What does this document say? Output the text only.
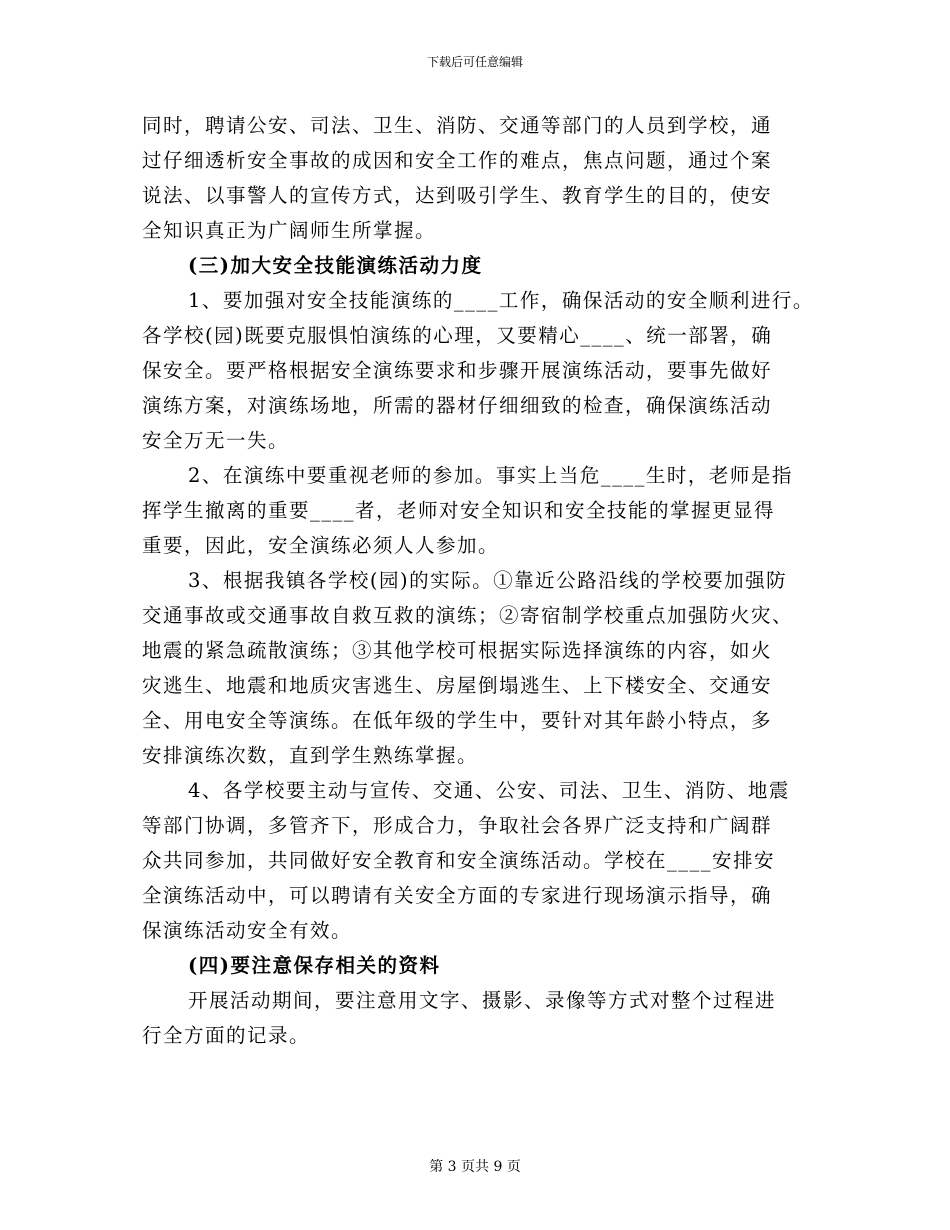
下载后可任意编辑
同时，聘请公安、司法、卫生、消防、交通等部门的人员到学校，通
过仔细透析安全事故的成因和安全工作的难点，焦点问题，通过个案
说法、以事警人的宣传方式，达到吸引学生、教育学生的目的，使安
全知识真正为广阔师生所掌握。
(三)加大安全技能演练活动力度
1、要加强对安全技能演练的____工作，确保活动的安全顺利进行。
各学校(园)既要克服惧怕演练的心理，又要精心____、统一部署，确
保安全。要严格根据安全演练要求和步骤开展演练活动，要事先做好
演练方案，对演练场地，所需的器材仔细细致的检查，确保演练活动
安全万无一失。
2、在演练中要重视老师的参加。事实上当危____生时，老师是指
挥学生撤离的重要____者，老师对安全知识和安全技能的掌握更显得
重要，因此，安全演练必须人人参加。
3、根据我镇各学校(园)的实际。①靠近公路沿线的学校要加强防
交通事故或交通事故自救互救的演练；②寄宿制学校重点加强防火灾、
地震的紧急疏散演练；③其他学校可根据实际选择演练的内容，如火
灾逃生、地震和地质灾害逃生、房屋倒塌逃生、上下楼安全、交通安
全、用电安全等演练。在低年级的学生中，要针对其年龄小特点，多
安排演练次数，直到学生熟练掌握。
4、各学校要主动与宣传、交通、公安、司法、卫生、消防、地震
等部门协调，多管齐下，形成合力，争取社会各界广泛支持和广阔群
众共同参加，共同做好安全教育和安全演练活动。学校在____安排安
全演练活动中，可以聘请有关安全方面的专家进行现场演示指导，确
保演练活动安全有效。
(四)要注意保存相关的资料
开展活动期间，要注意用文字、摄影、录像等方式对整个过程进
行全方面的记录。
第 3 页共 9 页
